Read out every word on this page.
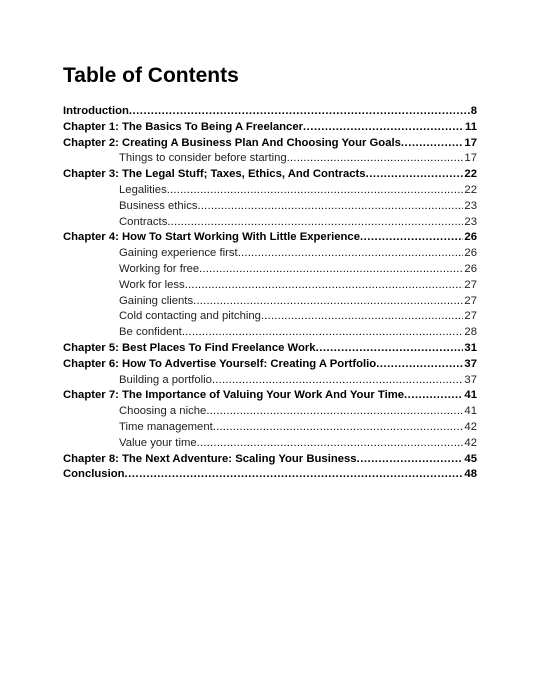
Table of Contents
Introduction .....	8
Chapter 1: The Basics To Being A Freelancer .....	11
Chapter 2: Creating A Business Plan And Choosing Your Goals .....	17
Things to consider before starting .....	17
Chapter 3: The Legal Stuff; Taxes, Ethics, And Contracts .....	22
Legalities .....	22
Business ethics .....	23
Contracts .....	23
Chapter 4: How To Start Working With Little Experience .....	26
Gaining experience first .....	26
Working for free .....	26
Work for less .....	27
Gaining clients .....	27
Cold contacting and pitching .....	27
Be confident .....	28
Chapter 5: Best Places To Find Freelance Work .....	31
Chapter 6: How To Advertise Yourself: Creating A Portfolio .....	37
Building a portfolio .....	37
Chapter 7: The Importance of Valuing Your Work And Your Time .....	41
Choosing a niche .....	41
Time management .....	42
Value your time .....	42
Chapter 8: The Next Adventure: Scaling Your Business .....	45
Conclusion .....	48
